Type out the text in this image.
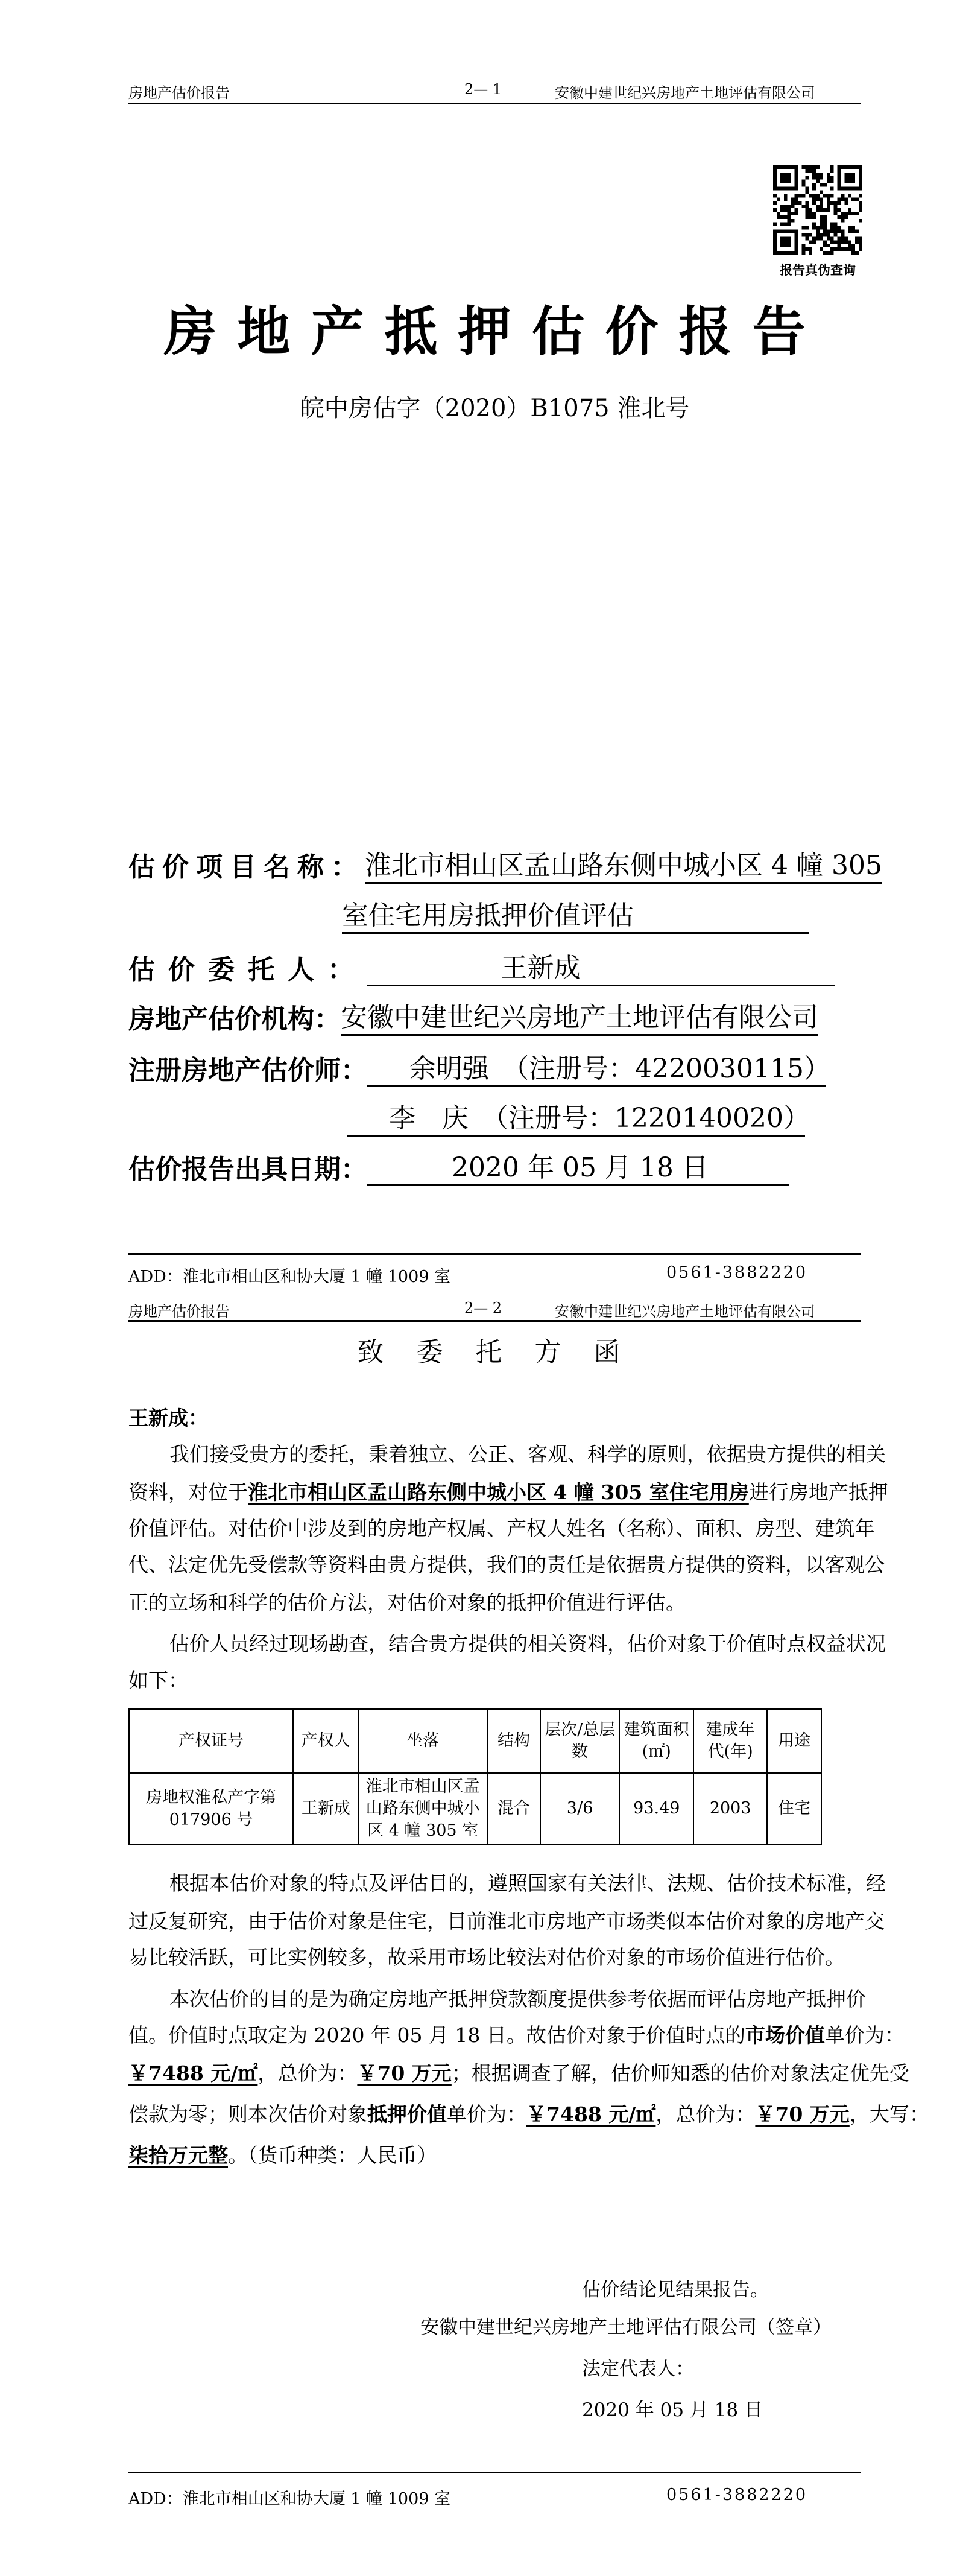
房地产估价报告	2— 1	安徽中建世纪兴房地产土地评估有限公司
报告真伪查询
房地产抵押估价报告
皖中房估字（2020）B1075 淮北号
估价项目名称： 淮北市相山区孟山路东侧中城小区 4 幢 305
室住宅用房抵押价值评估
估价委托人：	王新成
房地产估价机构： 安徽中建世纪兴房地产土地评估有限公司
注册房地产估价师：	余明强　（注册号：4220030115）
李　庆　（注册号：1220140020）
估价报告出具日期：	2020 年 05 月 18 日
ADD：淮北市相山区和协大厦 1 幢 1009 室	0561-3882220
房地产估价报告	2— 2	安徽中建世纪兴房地产土地评估有限公司
致 委 托 方 函
王新成：
我们接受贵方的委托，秉着独立、公正、客观、科学的原则，依据贵方提供的相关
资料，对位于淮北市相山区孟山路东侧中城小区 4 幢 305 室住宅用房进行房地产抵押
价值评估。对估价中涉及到的房地产权属、产权人姓名（名称）、面积、房型、建筑年
代、法定优先受偿款等资料由贵方提供，我们的责任是依据贵方提供的资料，以客观公
正的立场和科学的估价方法，对估价对象的抵押价值进行评估。
估价人员经过现场勘查，结合贵方提供的相关资料，估价对象于价值时点权益状况
如下：
产权证号	产权人	坐落	结构	层次/总层数	建筑面积(㎡)	建成年代(年)	用途
房地权淮私产字第017906 号	王新成	淮北市相山区孟山路东侧中城小区 4 幢 305 室	混合	3/6	93.49	2003	住宅
根据本估价对象的特点及评估目的，遵照国家有关法律、法规、估价技术标准，经
过反复研究，由于估价对象是住宅，目前淮北市房地产市场类似本估价对象的房地产交
易比较活跃，可比实例较多，故采用市场比较法对估价对象的市场价值进行估价。
本次估价的目的是为确定房地产抵押贷款额度提供参考依据而评估房地产抵押价
值。价值时点取定为 2020 年 05 月 18 日。故估价对象于价值时点的市场价值单价为：
￥7488 元/㎡，总价为：￥70 万元；根据调查了解，估价师知悉的估价对象法定优先受
偿款为零；则本次估价对象抵押价值单价为：￥7488 元/㎡，总价为：￥70 万元，大写：
柒拾万元整。（货币种类：人民币）
估价结论见结果报告。
安徽中建世纪兴房地产土地评估有限公司（签章）
法定代表人：
2020 年 05 月 18 日
ADD：淮北市相山区和协大厦 1 幢 1009 室	0561-3882220
